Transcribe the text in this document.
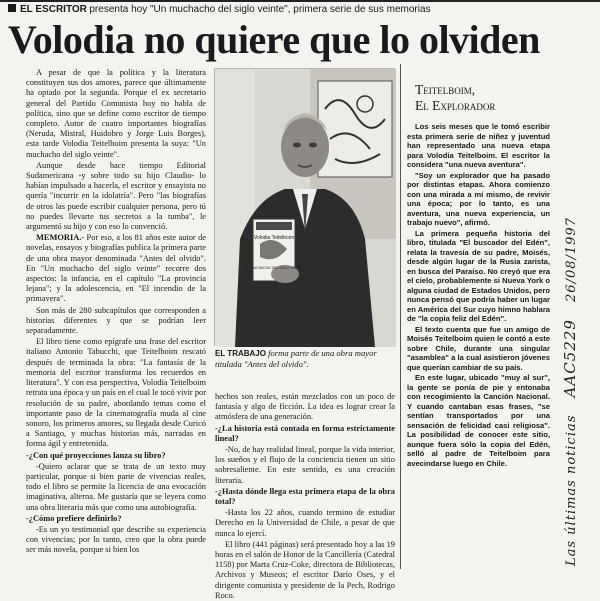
EL ESCRITOR presenta hoy "Un muchacho del siglo veinte", primera serie de sus memorias
Volodia no quiere que lo olviden

A pesar de que la política y la literatura constituyen sus dos amores, parece que últimamente ha optado por la segunda. Porque el ex secretario general del Partido Comunista hoy no habla de política, sino que se define como escritor de tiempo completo. Autor de cuatro importantes biografías (Neruda, Mistral, Huidobro y Jorge Luis Borges), esta tarde Volodia Teitelboim presenta la suya: "Un muchacho del siglo veinte".

Aunque desde hace tiempo Editorial Sudamericana -y sobre todo su hijo Claudio- lo habían impulsado a hacerla, el escritor y ensayista no quería "incurrir en la idolatría". Pero "las biografías de otros las puede escribir cualquier persona, pero tú no puedes llevarte tus secretos a la tumba", le argumentó su hijo y con eso lo convenció.

MEMORIA.- Por eso, a los 81 años este autor de novelas, ensayos y biografías publica la primera parte de una obra mayor denominada "Antes del olvido". En "Un muchacho del siglo veinte" recorre dos aspectos: la infancia, en el capítulo "La provincia lejana"; y la adolescencia, en "El incendio de la primavera".

Son más de 280 subcapítulos que corresponden a historias diferentes y que se podrían leer separadamente.

El libro tiene como epígrafe una frase del escritor italiano Antonio Tabucchi, que Teitelboim rescató después de terminada la obra: "La fantasía de la memoria del escritor transforma los recuerdos en literatura". Y con esa perspectiva, Volodia Teitelboim retrata una época y un país en el cual le tocó vivir por resolución de su padre, abordando temas como el importante paso de la cinematografía muda al cine sonoro, los primeros amores, su llegada desde Curicó a Santiago, y muchas historias más, narradas en forma ágil y entretenida.

-¿Con qué proyecciones lanza su libro?

-Quiero aclarar que se trata de un texto muy particular, porque si bien parte de vivencias reales, todo el libro se permite la licencia de una evocación imaginativa, alterna. Me gustaría que se leyera como una obra literaria más que como una autobiografía.

-¿Cómo prefiere definirlo?

-Es un yo testimonial que describe su experiencia con vivencias; por lo tanto, creo que la obra puede ser más novela, porque si bien los

Volodia Teitelboim
UN MUCHACHO DEL SIGLO VEINTE
EL TRABAJO forma parte de una obra mayor titulada "Antes del olvido".

hechos son reales, están mezclados con un poco de fantasía y algo de ficción. La idea es lograr crear la atmósfera de una generación.

-¿La historia está contada en forma estrictamente lineal?

-No, de hay realidad lineal, porque la vida interior, los sueños y el flujo de la conciencia tienen un sitio sobresaliente. En este sentido, es una creación literaria.

-¿Hasta dónde llega esta primera etapa de la obra total?

-Hasta los 22 años, cuando termino de estudiar Derecho en la Universidad de Chile, a pesar de que nunca lo ejercí.

El libro (441 páginas) será presentado hoy a las 19 horas en el salón de Honor de la Cancillería (Catedral 1158) por Marta Cruz-Coke, directora de Bibliotecas, Archivos y Museos; el escritor Darío Oses, y el dirigente comunista y presidente de la Pech, Rodrigo Roco.

Teitelboim,
El Explorador

Los seis meses que le tomó escribir esta primera serie de niñez y juventud han representado una nueva etapa para Volodia Teitelboim. El escritor la considera "una nueva aventura".

"Soy un explorador que ha pasado por distintas etapas. Ahora comienzo con una mirada a mí mismo, de revivir una época; por lo tanto, es una aventura, una nueva experiencia, un trabajo nuevo", afirmó.

La primera pequeña historia del libro, titulada "El buscador del Edén", relata la travesía de su padre, Moisés, desde algún lugar de la Rusia zarista, en busca del Paraíso. No creyó que era el cielo, probablemente si Nueva York o alguna ciudad de Estados Unidos, pero nunca pensó que podría haber un lugar en América del Sur cuyo himno hablara de "la copia feliz del Edén".

El texto cuenta que fue un amigo de Moisés Teitelboim quien le contó a este sobre Chile, durante una singular "asamblea" a la cual asistieron jóvenes que querían cambiar de su país.

En este lugar, ubicado "muy al sur", la gente se ponía de pie y entonaba con recogimiento la Canción Nacional. Y cuando cantaban esas frases, "se sentían transportados por una sensación de felicidad casi religiosa". La posibilidad de conocer este sitio, aunque fuera sólo la copia del Edén, selló al padre de Teitelboim para avecindarse luego en Chile.	Las últimas noticias AAC5229 26/08/1997
